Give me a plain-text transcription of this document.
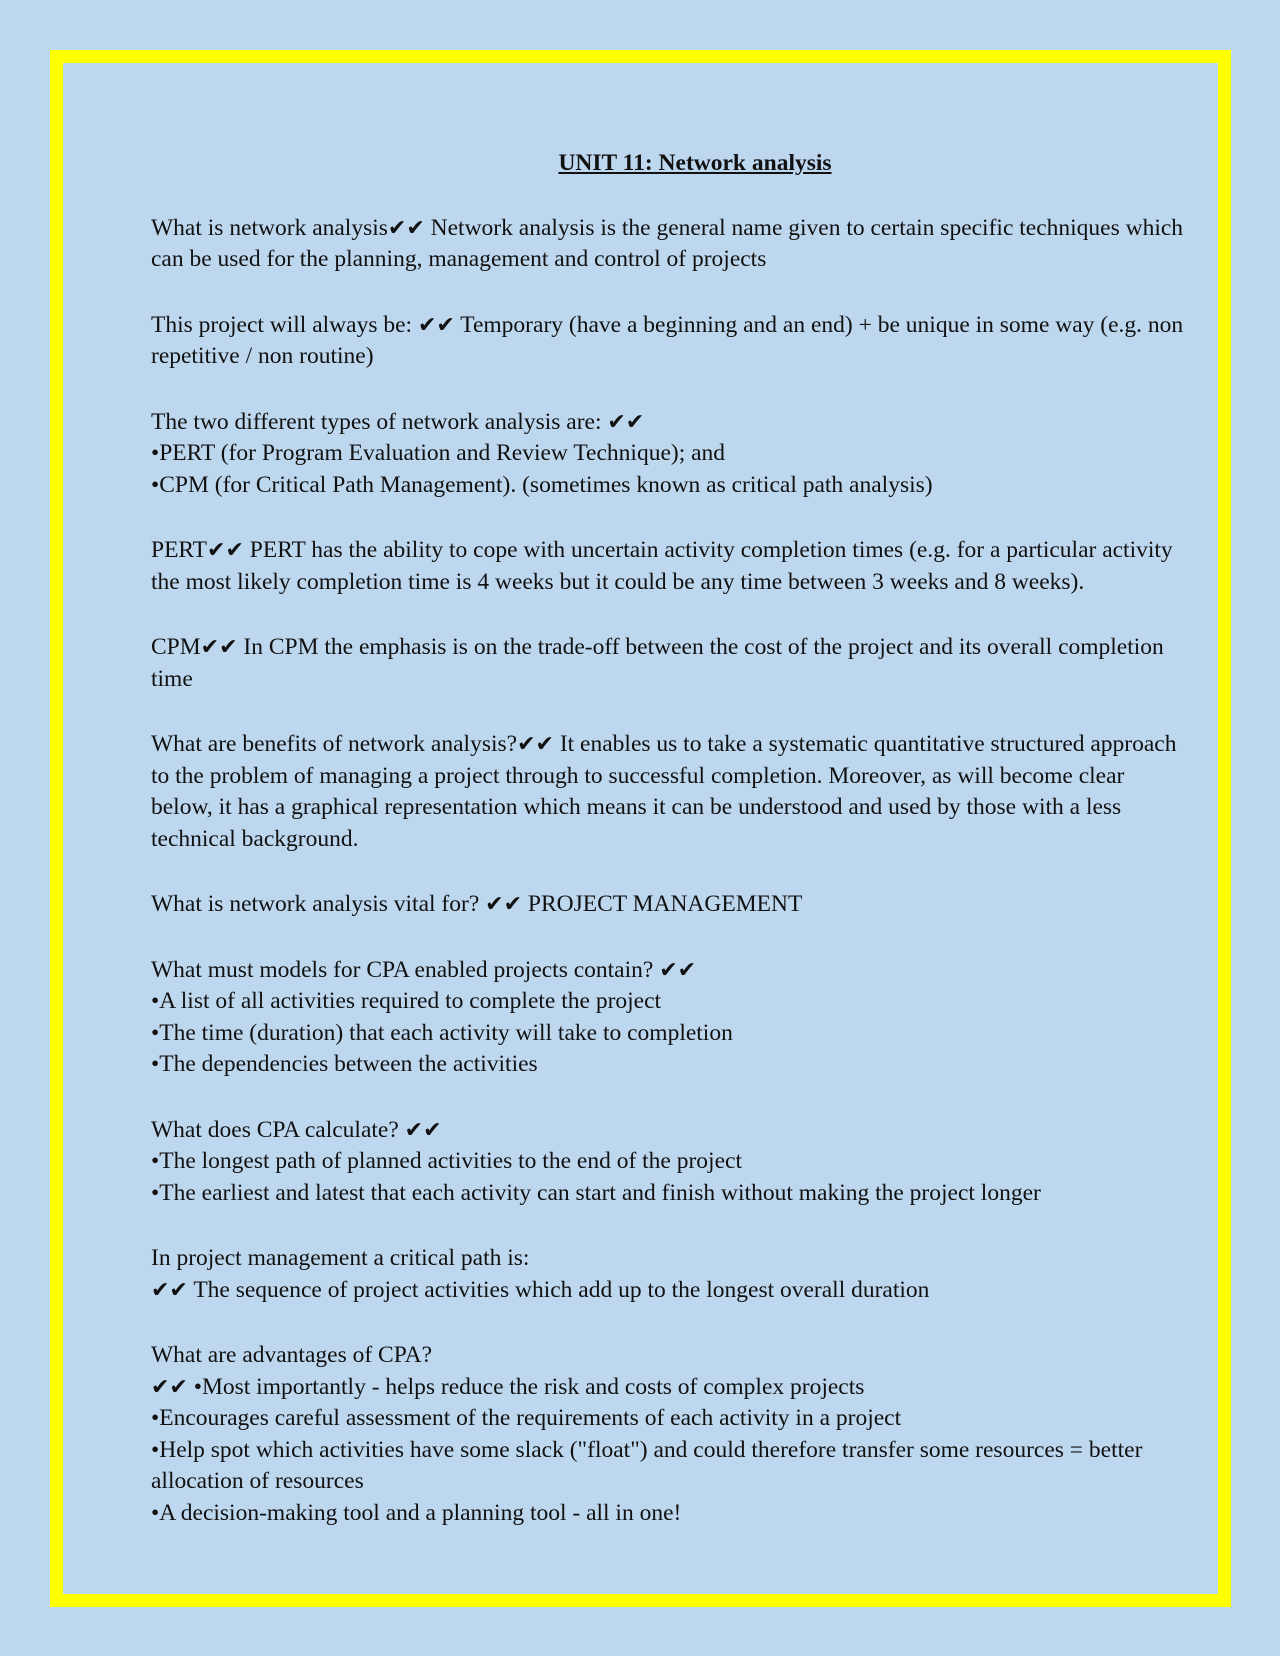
UNIT 11: Network analysis
What is network analysis✔✔ Network analysis is the general name given to certain specific techniques which can be used for the planning, management and control of projects
This project will always be: ✔✔ Temporary (have a beginning and an end) + be unique in some way (e.g. non repetitive / non routine)
The two different types of network analysis are: ✔✔
•PERT (for Program Evaluation and Review Technique); and
•CPM (for Critical Path Management). (sometimes known as critical path analysis)
PERT✔✔ PERT has the ability to cope with uncertain activity completion times (e.g. for a particular activity the most likely completion time is 4 weeks but it could be any time between 3 weeks and 8 weeks).
CPM✔✔ In CPM the emphasis is on the trade-off between the cost of the project and its overall completion time
What are benefits of network analysis?✔✔ It enables us to take a systematic quantitative structured approach to the problem of managing a project through to successful completion. Moreover, as will become clear below, it has a graphical representation which means it can be understood and used by those with a less technical background.
What is network analysis vital for? ✔✔ PROJECT MANAGEMENT
What must models for CPA enabled projects contain? ✔✔
•A list of all activities required to complete the project
•The time (duration) that each activity will take to completion
•The dependencies between the activities
What does CPA calculate? ✔✔
•The longest path of planned activities to the end of the project
•The earliest and latest that each activity can start and finish without making the project longer
In project management a critical path is:
✔✔ The sequence of project activities which add up to the longest overall duration
What are advantages of CPA?
✔✔ •Most importantly - helps reduce the risk and costs of complex projects
•Encourages careful assessment of the requirements of each activity in a project
•Help spot which activities have some slack ("float") and could therefore transfer some resources = better allocation of resources
•A decision-making tool and a planning tool - all in one!
